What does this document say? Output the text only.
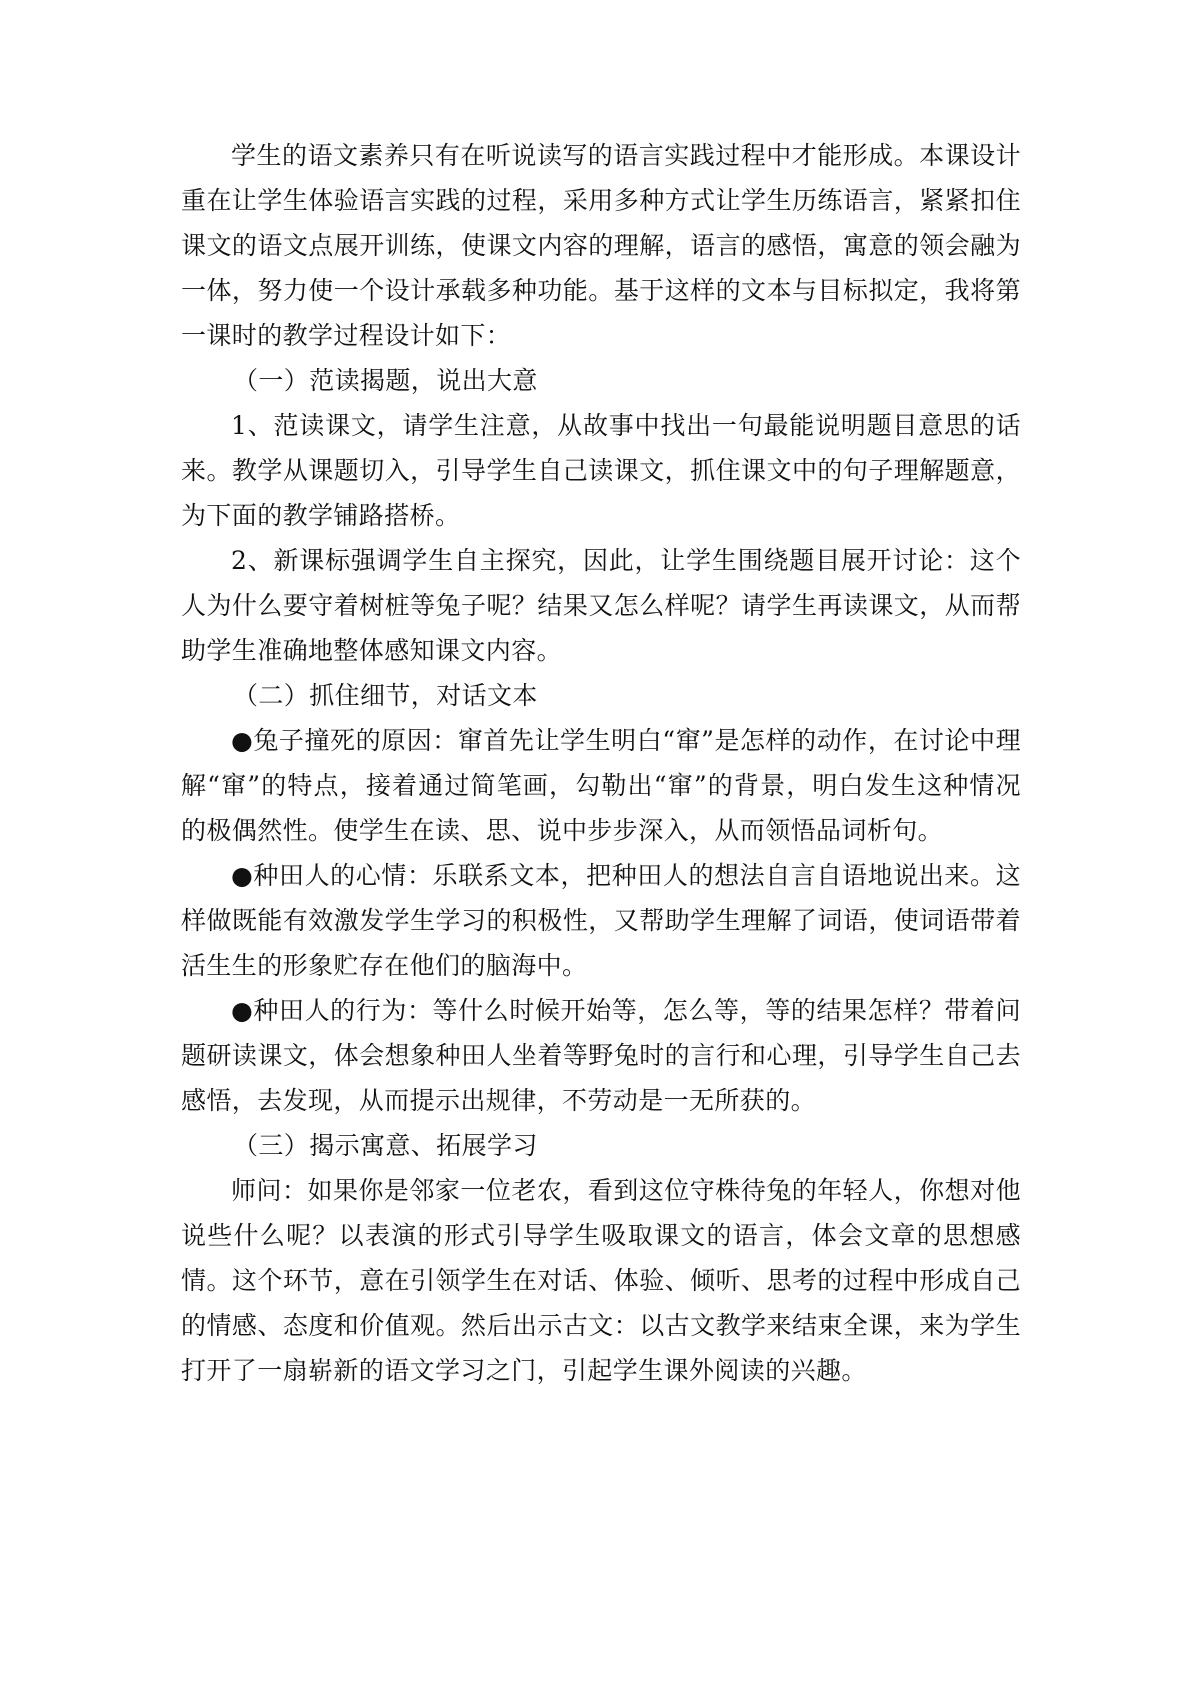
学生的语文素养只有在听说读写的语言实践过程中才能形成。本课设计重在让学生体验语言实践的过程，采用多种方式让学生历练语言，紧紧扣住课文的语文点展开训练，使课文内容的理解，语言的感悟，寓意的领会融为一体，努力使一个设计承载多种功能。基于这样的文本与目标拟定，我将第一课时的教学过程设计如下：

（一）范读揭题，说出大意

1、范读课文，请学生注意，从故事中找出一句最能说明题目意思的话来。教学从课题切入，引导学生自己读课文，抓住课文中的句子理解题意，为下面的教学铺路搭桥。

2、新课标强调学生自主探究，因此，让学生围绕题目展开讨论：这个人为什么要守着树桩等兔子呢？结果又怎么样呢？请学生再读课文，从而帮助学生准确地整体感知课文内容。

（二）抓住细节，对话文本

●兔子撞死的原因：窜首先让学生明白“窜”是怎样的动作，在讨论中理解“窜”的特点，接着通过简笔画，勾勒出“窜”的背景，明白发生这种情况的极偶然性。使学生在读、思、说中步步深入，从而领悟品词析句。

●种田人的心情：乐联系文本，把种田人的想法自言自语地说出来。这样做既能有效激发学生学习的积极性，又帮助学生理解了词语，使词语带着活生生的形象贮存在他们的脑海中。

●种田人的行为：等什么时候开始等，怎么等，等的结果怎样？带着问题研读课文，体会想象种田人坐着等野兔时的言行和心理，引导学生自己去感悟，去发现，从而提示出规律，不劳动是一无所获的。

（三）揭示寓意、拓展学习

师问：如果你是邻家一位老农，看到这位守株待兔的年轻人，你想对他说些什么呢？以表演的形式引导学生吸取课文的语言，体会文章的思想感情。这个环节，意在引领学生在对话、体验、倾听、思考的过程中形成自己的情感、态度和价值观。然后出示古文：以古文教学来结束全课，来为学生打开了一扇崭新的语文学习之门，引起学生课外阅读的兴趣。
